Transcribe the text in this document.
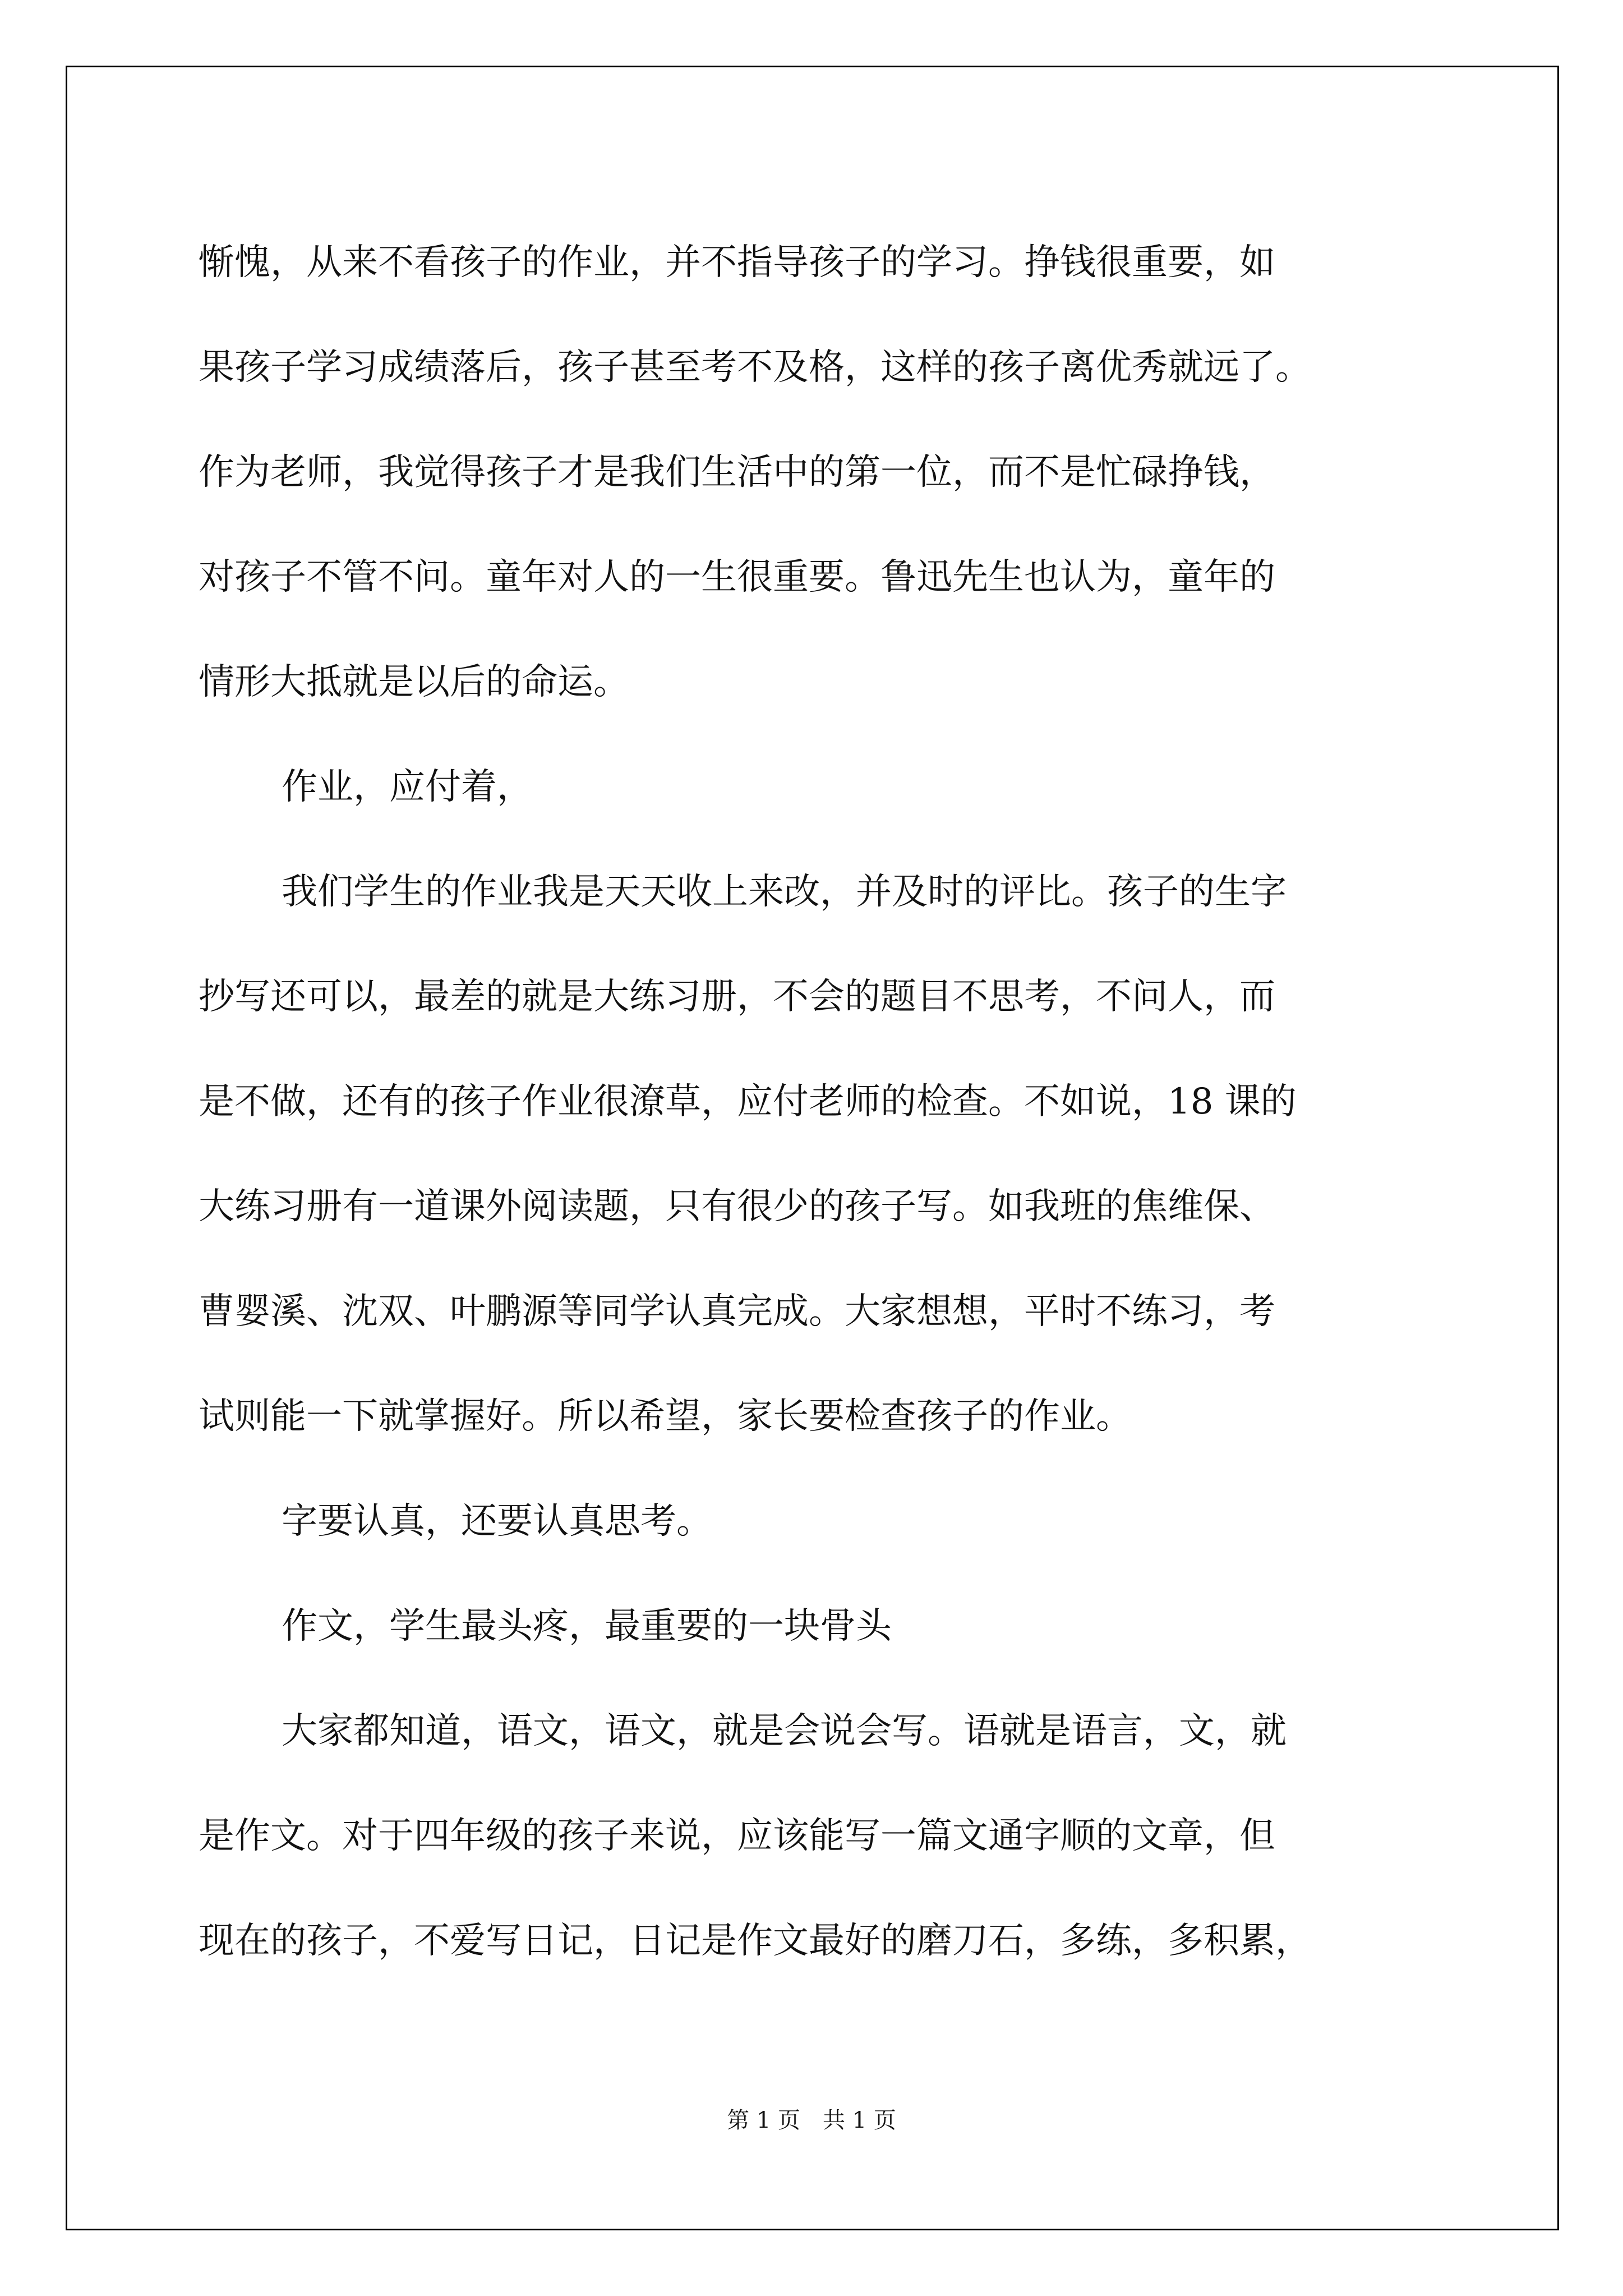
惭愧，从来不看孩子的作业，并不指导孩子的学习。挣钱很重要，如
果孩子学习成绩落后，孩子甚至考不及格，这样的孩子离优秀就远了。
作为老师，我觉得孩子才是我们生活中的第一位，而不是忙碌挣钱，
对孩子不管不问。童年对人的一生很重要。鲁迅先生也认为，童年的
情形大抵就是以后的命运。
作业，应付着，
我们学生的作业我是天天收上来改，并及时的评比。孩子的生字
抄写还可以，最差的就是大练习册，不会的题目不思考，不问人，而
是不做，还有的孩子作业很潦草，应付老师的检查。不如说，18 课的
大练习册有一道课外阅读题，只有很少的孩子写。如我班的焦维保、
曹婴溪、沈双、叶鹏源等同学认真完成。大家想想，平时不练习，考
试则能一下就掌握好。所以希望，家长要检查孩子的作业。
字要认真，还要认真思考。
作文，学生最头疼，最重要的一块骨头
大家都知道，语文，语文，就是会说会写。语就是语言，文，就
是作文。对于四年级的孩子来说，应该能写一篇文通字顺的文章，但
现在的孩子，不爱写日记，日记是作文最好的磨刀石，多练，多积累，
第 1 页　共 1 页
